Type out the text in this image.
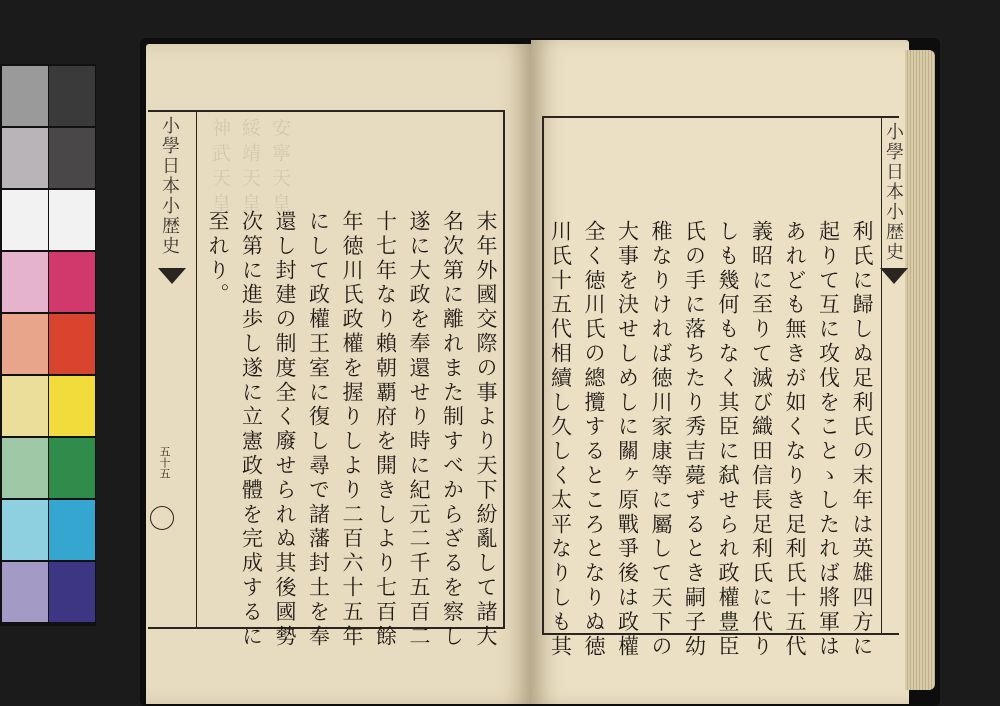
神武天皇 綏靖天皇 安寧天皇
小學日本小歴史
五十五
小學日本小歴史
末年外國交際の事より天下紛亂して諸大
名次第に離れまた制すべからざるを察し
遂に大政を奉還せり時に紀元二千五百二
十七年なり賴朝覇府を開きしより七百餘
年徳川氏政權を握りしより二百六十五年
にして政權王室に復し尋で諸藩封土を奉
還し封建の制度全く廢せられぬ其後國勢
次第に進歩し遂に立憲政體を完成するに
至れり。	利氏に歸しぬ足利氏の末年は英雄四方に
起りて互に攻伐をことゝしたれば將軍は
あれども無きが如くなりき足利氏十五代
義昭に至りて滅び織田信長足利氏に代り
しも幾何もなく其臣に弑せられ政權豊臣
氏の手に落ちたり秀吉薨ずるとき嗣子幼
稚なりければ徳川家康等に屬して天下の
大事を決せしめしに關ヶ原戰爭後は政權
全く徳川氏の總攬するところとなりぬ徳
川氏十五代相續し久しく太平なりしも其
